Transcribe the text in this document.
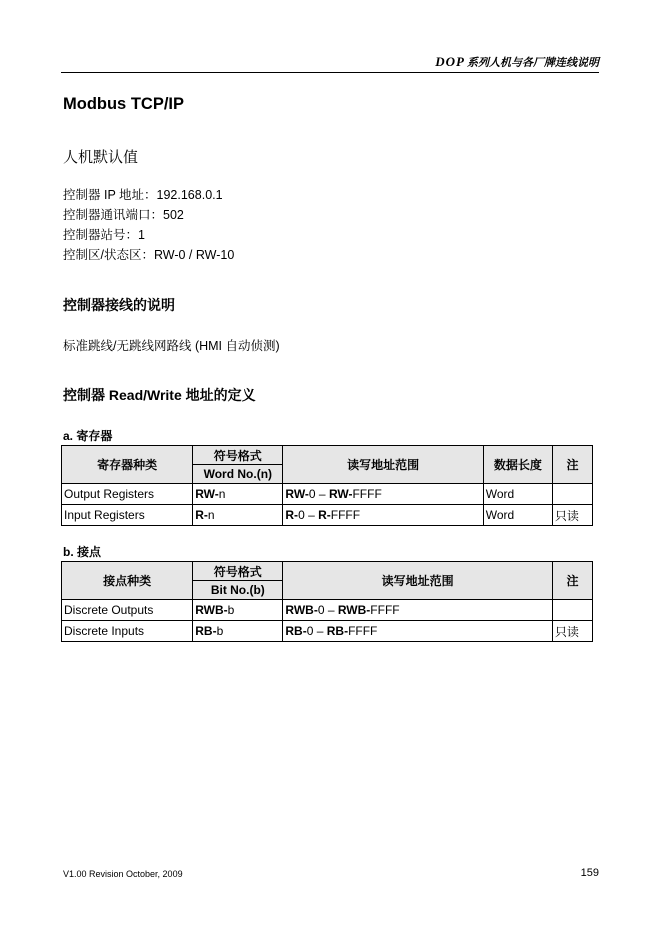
DOP 系列人机与各厂牌连线说明
Modbus TCP/IP
人机默认值
控制器 IP 地址：192.168.0.1
控制器通讯端口：502
控制器站号：1
控制区/状态区：RW-0 / RW-10
控制器接线的说明
标准跳线/无跳线网路线 (HMI 自动侦测)
控制器 Read/Write 地址的定义
a. 寄存器
寄存器种类	符号格式	读写地址范围	数据长度	注
	Word No.(n)			
Output Registers	RW-n	RW-0 – RW-FFFF	Word	
Input Registers	R-n	R-0 – R-FFFF	Word	只读
b. 接点
接点种类	符号格式	读写地址范围	注
	Bit No.(b)		
Discrete Outputs	RWB-b	RWB-0 – RWB-FFFF	
Discrete Inputs	RB-b	RB-0 – RB-FFFF	只读
V1.00 Revision October, 2009	159
